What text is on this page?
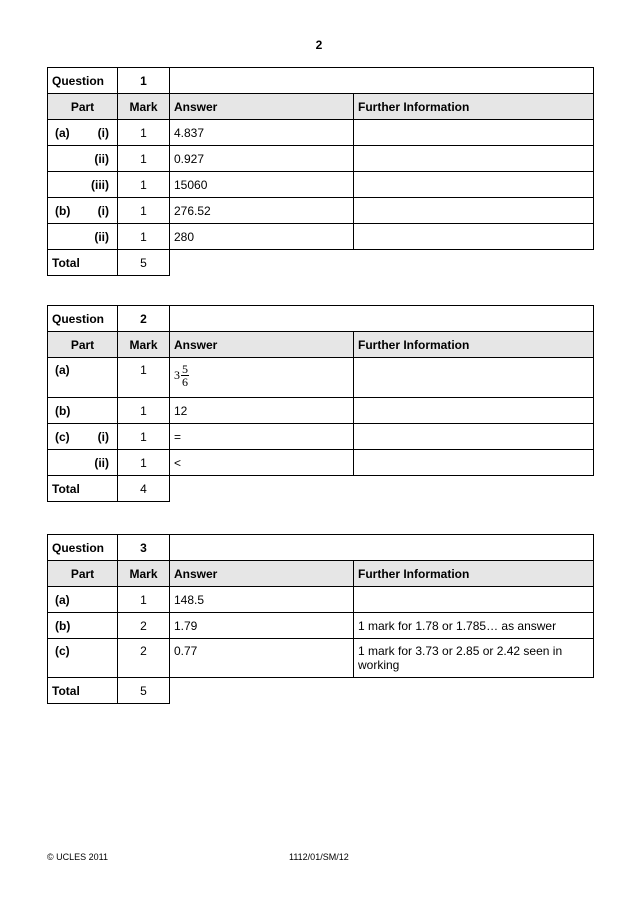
2
Question	1		
Part	Mark	Answer	Further Information

(a) (i)	1	4.837	

(ii)	1	0.927	

(iii)	1	15060	

(b) (i)	1	276.52	

(ii)	1	280	
Total	5		
Question	2		
Part	Mark	Answer	Further Information

(a)	1	$3 \frac{5}{6}$

(b)	1	12	

(c) (i)	1	=	

(ii)	1	<	
Total	4		
Question	3		
Part	Mark	Answer	Further Information

(a)	1	148.5	

(b)	2	1.79	1 mark for 1.78 or 1.785… as answer

(c)	2	0.77	1 mark for 3.73 or 2.85 or 2.42 seen in working

Total	5		
© UCLES 2011	1112/01/SM/12
